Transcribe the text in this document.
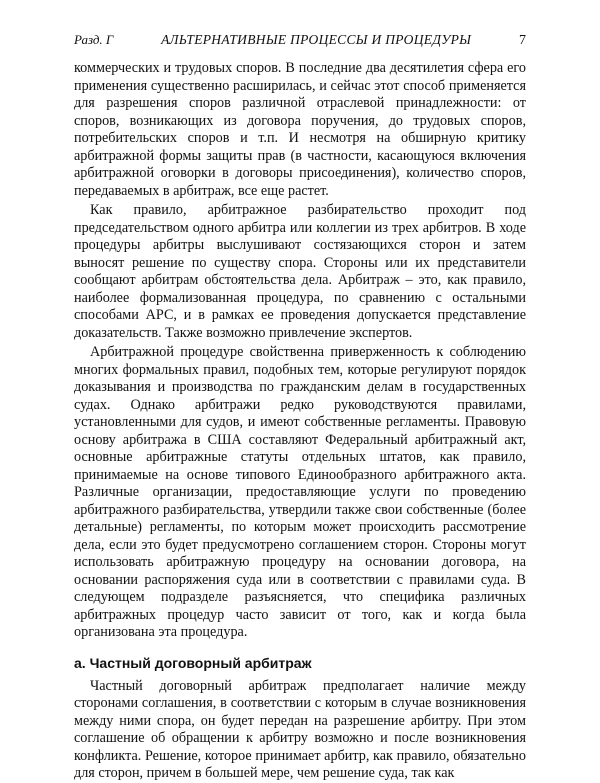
Разд. Г	АЛЬТЕРНАТИВНЫЕ ПРОЦЕССЫ И ПРОЦЕДУРЫ	7

коммерческих и трудовых споров. В последние два десятилетия сфера его применения существенно расширилась, и сейчас этот способ применяется для разрешения споров различной отраслевой принадлежности: от споров, возникающих из договора поручения, до трудовых споров, потребительских споров и т.п. И несмотря на обширную критику арбитражной формы защиты прав (в частности, касающуюся включения арбитражной оговорки в договоры присоединения), количество споров, передаваемых в арбитраж, все еще растет.

Как правило, арбитражное разбирательство проходит под председательством одного арбитра или коллегии из трех арбитров. В ходе процедуры арбитры выслушивают состязающихся сторон и затем выносят решение по существу спора. Стороны или их представители сообщают арбитрам обстоятельства дела. Арбитраж – это, как правило, наиболее формализованная процедура, по сравнению с остальными способами АРС, и в рамках ее проведения допускается представление доказательств. Также возможно привлечение экспертов.

Арбитражной процедуре свойственна приверженность к соблюдению многих формальных правил, подобных тем, которые регулируют порядок доказывания и производства по гражданским делам в государственных судах. Однако арбитражи редко руководствуются правилами, установленными для судов, и имеют собственные регламенты. Правовую основу арбитража в США составляют Федеральный арбитражный акт, основные арбитражные статуты отдельных штатов, как правило, принимаемые на основе типового Единообразного арбитражного акта. Различные организации, предоставляющие услуги по проведению арбитражного разбирательства, утвердили также свои собственные (более детальные) регламенты, по которым может происходить рассмотрение дела, если это будет предусмотрено соглашением сторон. Стороны могут использовать арбитражную процедуру на основании договора, на основании распоряжения суда или в соответствии с правилами суда. В следующем подразделе разъясняется, что специфика различных арбитражных процедур часто зависит от того, как и когда была организована эта процедура.

а. Частный договорный арбитраж

Частный договорный арбитраж предполагает наличие между сторонами соглашения, в соответствии с которым в случае возникновения между ними спора, он будет передан на разрешение арбитру. При этом соглашение об обращении к арбитру возможно и после возникновения конфликта. Решение, которое принимает арбитр, как правило, обязательно для сторон, причем в большей мере, чем решение суда, так как
